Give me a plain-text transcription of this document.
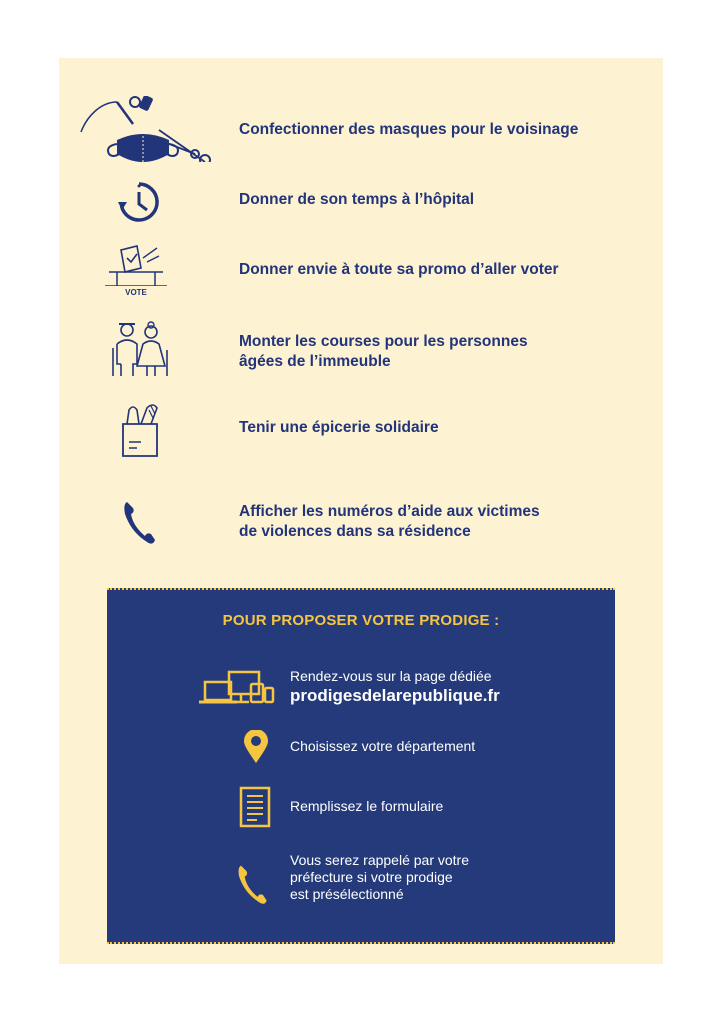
Confectionner des masques pour le voisinage
Donner de son temps à l’hôpital
VOTE
Donner envie à toute sa promo d’aller voter
Monter les courses pour les personnes
âgées de l’immeuble
Tenir une épicerie solidaire
Afficher les numéros d’aide aux victimes
de violences dans sa résidence
POUR PROPOSER VOTRE PRODIGE :
Rendez-vous sur la page dédiée
prodigesdelarepublique.fr
Choisissez votre département
Remplissez le formulaire
Vous serez rappelé par votre
préfecture si votre prodige
est présélectionné
